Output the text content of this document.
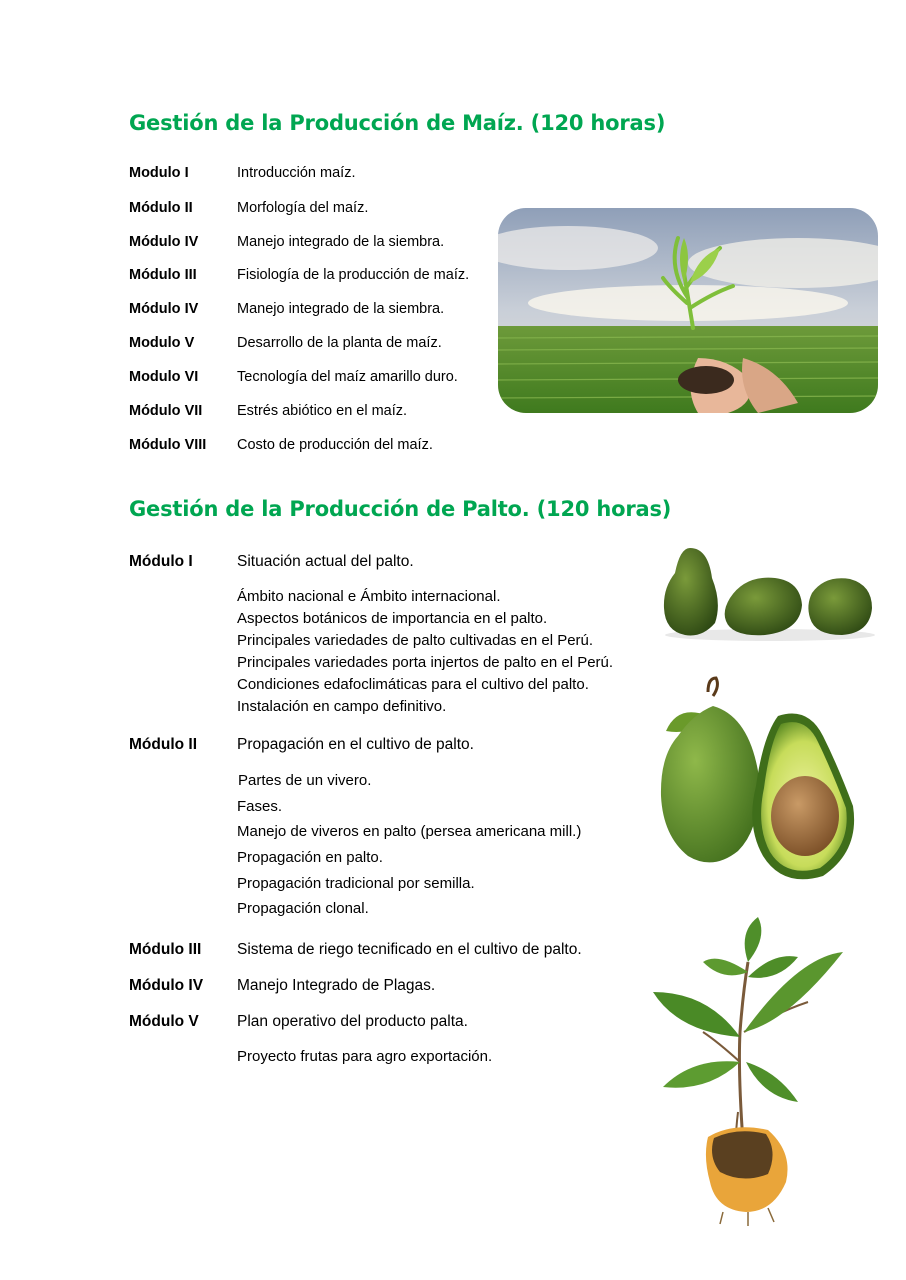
Gestión de la Producción de Maíz. (120 horas)
Modulo I	Introducción maíz.
Módulo II	Morfología del maíz.
Módulo IV	Manejo integrado de la siembra.
Módulo III	Fisiología de la producción de maíz.
Módulo IV	Manejo integrado de la siembra.
Modulo V	Desarrollo de la planta de maíz.
Modulo VI	Tecnología del maíz amarillo duro.
Módulo VII Estrés abiótico en el maíz.
Módulo VIII Costo de producción del maíz.
Gestión de la Producción de Palto. (120 horas)
Módulo I	Situación actual del palto.
Ámbito nacional e Ámbito internacional.
Aspectos botánicos de importancia en el palto.
Principales variedades de palto cultivadas en el Perú.
Principales variedades porta injertos de palto en el Perú.
Condiciones edafoclimáticas para el cultivo del palto.
Instalación en campo definitivo.
Módulo II	Propagación en el cultivo de palto.
Partes de un vivero.
Fases.
Manejo de viveros en palto (persea americana mill.)
Propagación en palto.
Propagación tradicional por semilla.
Propagación clonal.
Módulo III Sistema de riego tecnificado en el cultivo de palto.
Módulo IV Manejo Integrado de Plagas.
Módulo V Plan operativo del producto palta.
Proyecto frutas para agro exportación.
